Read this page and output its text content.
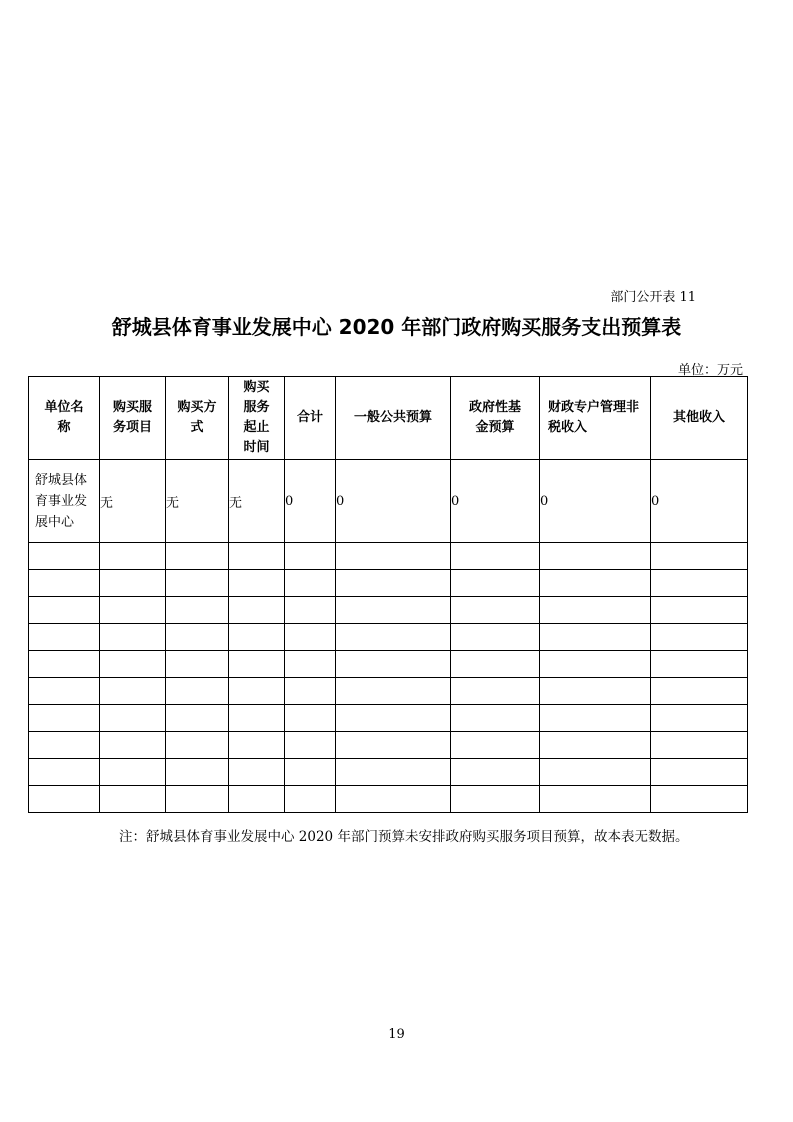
部门公开表 11
舒城县体育事业发展中心 2020 年部门政府购买服务支出预算表
单位：万元
单位名称	购买服务项目	购买方式	购买服务起止时间	合计	一般公共预算	政府性基金预算	财政专户管理非税收入	其他收入
舒城县体育事业发展中心	无	无	无	0	0	0	0	0

注：舒城县体育事业发展中心 2020 年部门预算未安排政府购买服务项目预算，故本表无数据。
19
